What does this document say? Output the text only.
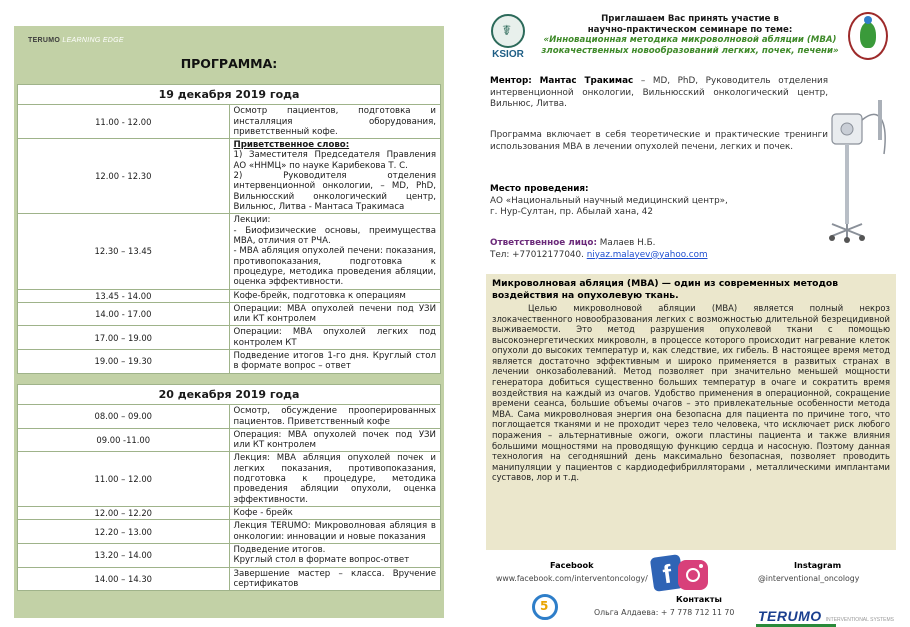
TERUMO LEARNING EDGE
ПРОГРАММА:
19 декабря 2019 года	
11.00 - 12.00	Осмотр пациентов, подготовка и инсталляция оборудования, приветственный кофе.
12.00 - 12.30	Приветственное слово:
1) Заместителя Председателя Правления АО «ННМЦ» по науке Карибекова Т. С.
2) Руководителя отделения интервенционной онкологии, – MD, PhD, Вильнюсский онкологический центр, Вильнюс, Литва - Мантаса Тракимаса

12.30 – 13.45	Лекции:
- Биофизические основы, преимущества МВА, отличия от РЧА.
- МВА абляция опухолей печени: показания, противопоказания, подготовка к процедуре, методика проведения абляции, оценка эффективности.

13.45 - 14.00	Кофе-брейк, подготовка к операциям
14.00 - 17.00	Операции: МВА опухолей печени под УЗИ или КТ контролем
17.00 – 19.00	Операции: МВА опухолей легких под контролем КТ
19.00 – 19.30	Подведение итогов 1-го дня. Круглый стол в формате вопрос – ответ
20 декабря 2019 года	
08.00 – 09.00	Осмотр, обсуждение прооперированных пациентов. Приветственный кофе
09.00 -11.00	Операция: МВА опухолей почек под УЗИ или КТ контролем
11.00 – 12.00	Лекция: МВА абляция опухолей почек и легких показания, противопоказания, подготовка к процедуре, методика проведения абляции опухоли, оценка эффективности.
12.00 – 12.20	Кофе - брейк
12.20 – 13.00	Лекция TERUMO: Микроволновая абляция в онкологии: инновации и новые показания
13.20 – 14.00	Подведение итогов.
Круглый стол в формате вопрос-ответ

14.00 – 14.30	Завершение мастер – класса. Вручение сертификатов
☤
KSIOR
Приглашаем Вас принять участие в
научно-практическом семинаре по теме:
«Инновационная методика микроволновой абляции (МВА) злокачественных новообразований легких, почек, печени»
Ментор: Мантас Тракимас – MD, PhD, Руководитель отделения интервенционной онкологии, Вильнюсский онкологический центр, Вильнюс, Литва.
Программа включает в себя теоретические и практические тренинги использования МВА в лечении опухолей печени, легких и почек.
Место проведения:
АО «Национальный научный медицинский центр»,
г. Нур-Султан, пр. Абылай хана, 42
Ответственное лицо: Малаев Н.Б.
Тел: +77012177040. niyaz.malayev@yahoo.com
Микроволновая абляция (МВА) — один из современных методов воздействия на опухолевую ткань.
Целью микроволновой абляции (МВА) является полный некроз злокачественного новообразования легких с возможностью длительной безрецидивной выживаемости. Это метод разрушения опухолевой ткани с помощью высокоэнергетических микроволн, в процессе которого происходит нагревание клеток опухоли до высоких температур и, как следствие, их гибель. В настоящее время метод является достаточно эффективным и широко применяется в развитых странах в лечении онкозаболеваний. Метод позволяет при значительно меньшей мощности генератора добиться существенно больших температур в очаге и сократить время воздействия на каждый из очагов. Удобство применения в операционной, сокращение времени сеанса, большие объемы очагов – это привлекательные особенности метода МВА. Сама микроволновая энергия она безопасна для пациента по причине того, что поглощается тканями и не проходит через тело человека, что исключает риск любого поражения – альтернативные ожоги, ожоги пластины пациента и также влияния большими мощностями на проводящую функцию сердца и насосную. Поэтому данная технология на сегодняшний день максимально безопасная, позволяет проводить манипуляции у пациентов с кардиодефибрилляторами , металлическими имплантами суставов, лор и т.д.
Facebook
www.facebook.com/interventoncology/ f	Instagram
@interventional_oncology
5	Контакты
Ольга Алдаева: + 7 778 712 11 70 TERUMO INTERVENTIONAL SYSTEMS
